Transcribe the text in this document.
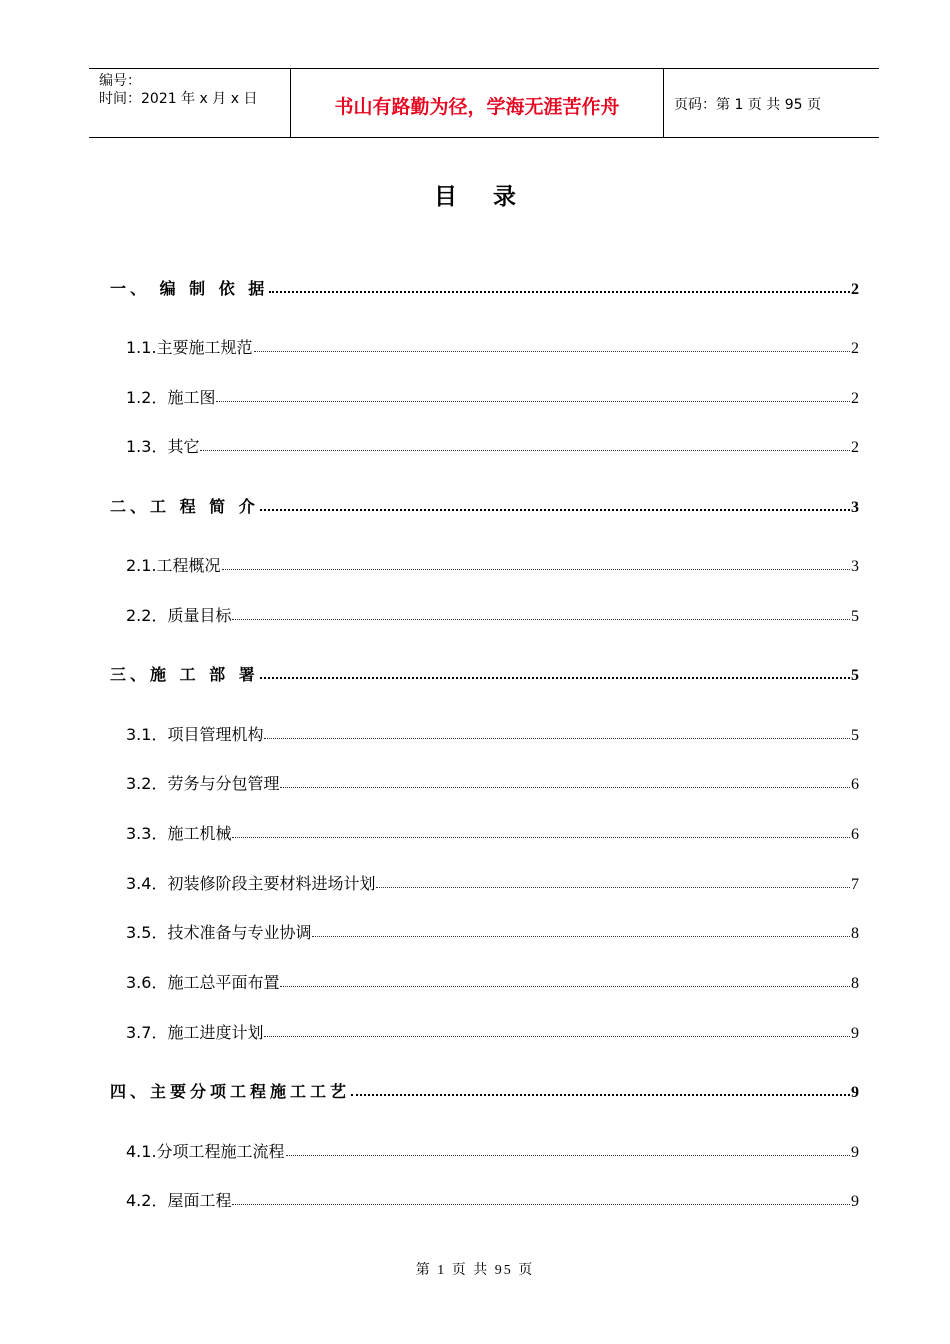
编号：
时间：2021 年 x 月 x 日	书山有路勤为径，学海无涯苦作舟	页码：第 1 页 共 95 页
目录
一、 编 制 依 据	2
1.1.主要施工规范	2
1.2．施工图	2
1.3．其它	2
二、工 程 简 介	3
2.1.工程概况	3
2.2．质量目标	5
三、施 工 部 署	5
3.1．项目管理机构	5
3.2．劳务与分包管理	6
3.3．施工机械	6
3.4．初装修阶段主要材料进场计划	7
3.5．技术准备与专业协调	8
3.6．施工总平面布置	8
3.7．施工进度计划	9
四、主要分项工程施工工艺	9
4.1.分项工程施工流程	9
4.2．屋面工程	9
第 1 页 共 95 页
